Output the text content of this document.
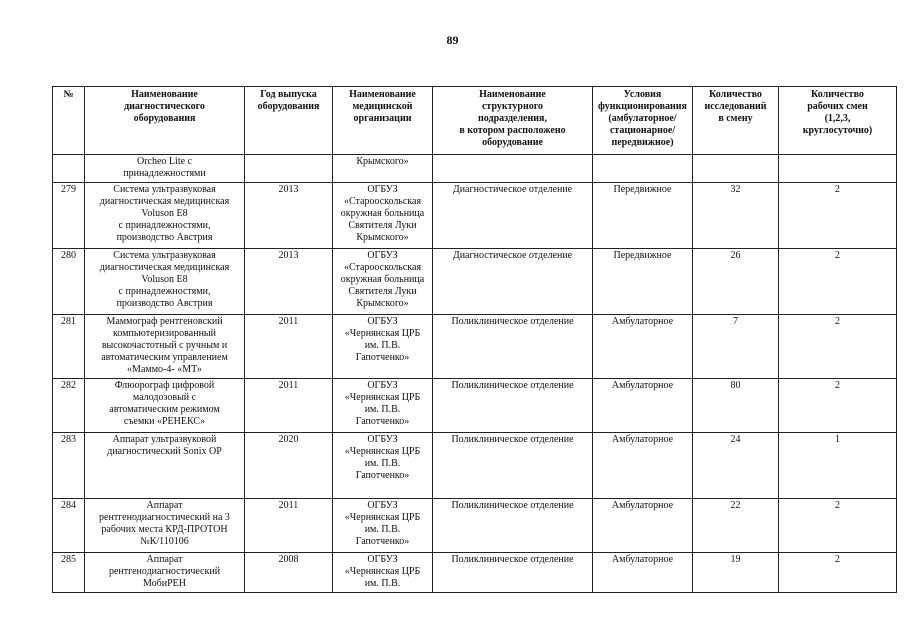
89
№	Наименование
диагностического
оборудования	Год выпуска
оборудования	Наименование
медицинской
организации	Наименование
структурного
подразделения,
в котором расположено
оборудование	Условия
функционирования
(амбулаторное/
стационарное/
передвижное)	Количество
исследований
в смену	Количество
рабочих смен
(1,2,3,
круглосуточно)

	Orcheo Lite с
принадлежностями		Крымского»				

279	Система ультразвуковая
диагностическая медицинская
Voluson E8
с принадлежностями,
производство Австрия	2013	ОГБУЗ
«Старооскольская
окружная больница
Святителя Луки
Крымского»	Диагностическое отделение	Передвижное	32	2
280	Система ультразвуковая
диагностическая медицинская
Voluson E8
с принадлежностями,
производство Австрия	2013	ОГБУЗ
«Старооскольская
окружная больница
Святителя Луки
Крымского»	Диагностическое отделение	Передвижное	26	2
281	Маммограф рентгеновский
компьютеризированный
высокочастотный с ручным и
автоматическим управлением
«Маммо-4- «МТ»	2011	ОГБУЗ
«Чернянская ЦРБ
им. П.В.
Гапотченко»	Поликлиническое отделение	Амбулаторное	7	2
282	Флюорограф цифровой
малодозовый с
автоматическим режимом
съемки «РЕНЕКС»	2011	ОГБУЗ
«Чернянская ЦРБ
им. П.В.
Гапотченко»	Поликлиническое отделение	Амбулаторное	80	2
283	Аппарат ультразвуковой
диагностический Sonix OP	2020	ОГБУЗ
«Чернянская ЦРБ
им. П.В.
Гапотченко»	Поликлиническое отделение	Амбулаторное	24	1
284	Аппарат
рентгенодиагностический на 3
рабочих места КРД-ПРОТОН
№К/110106	2011	ОГБУЗ
«Чернянская ЦРБ
им. П.В.
Гапотченко»	Поликлиническое отделение	Амбулаторное	22	2
285	Аппарат
рентгенодиагностический
МобиРЕН	2008	ОГБУЗ
«Чернянская ЦРБ
им. П.В.	Поликлиническое отделение	Амбулаторное	19	2
